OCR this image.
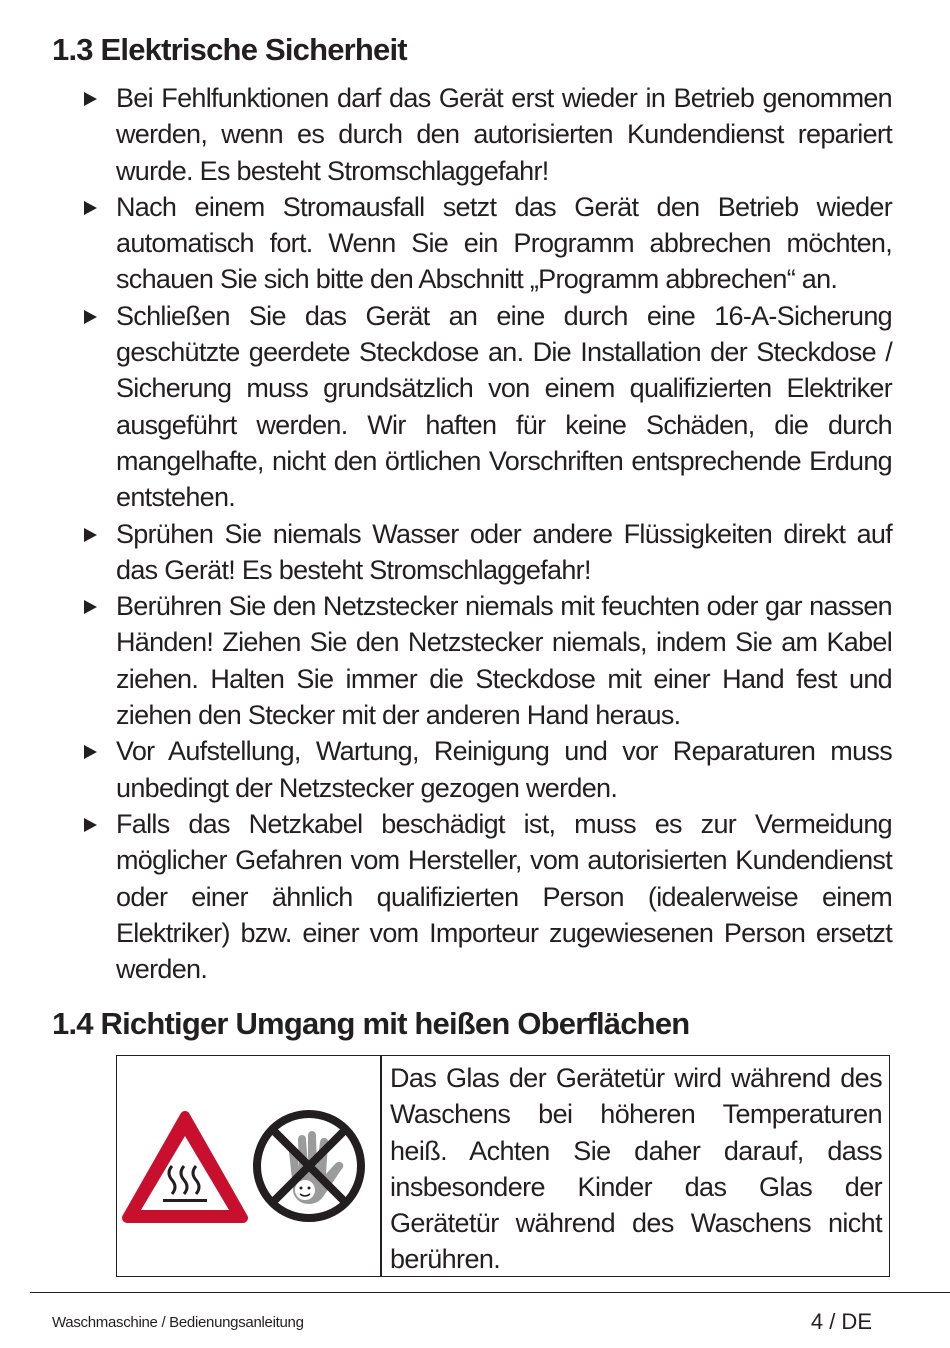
1.3 Elektrische Sicherheit
Bei Fehlfunktionen darf das Gerät erst wieder in Betrieb genommen werden, wenn es durch den autorisierten Kundendienst repariert wurde. Es besteht Stromschlaggefahr!
Nach einem Stromausfall setzt das Gerät den Betrieb wieder automatisch fort. Wenn Sie ein Programm abbrechen möchten, schauen Sie sich bitte den Abschnitt „Programm abbrechen“ an.
Schließen Sie das Gerät an eine durch eine 16-A-Sicherung geschützte geerdete Steckdose an. Die Installation der Steckdose / Sicherung muss grundsätzlich von einem qualifizierten Elektriker ausgeführt werden. Wir haften für keine Schäden, die durch mangelhafte, nicht den örtlichen Vorschriften entsprechende Erdung entstehen.
Sprühen Sie niemals Wasser oder andere Flüssigkeiten direkt auf das Gerät! Es besteht Stromschlaggefahr!
Berühren Sie den Netzstecker niemals mit feuchten oder gar nassen Händen! Ziehen Sie den Netzstecker niemals, indem Sie am Kabel ziehen. Halten Sie immer die Steckdose mit einer Hand fest und ziehen den Stecker mit der anderen Hand heraus.
Vor Aufstellung, Wartung, Reinigung und vor Reparaturen muss unbedingt der Netzstecker gezogen werden.
Falls das Netzkabel beschädigt ist, muss es zur Vermeidung möglicher Gefahren vom Hersteller, vom autorisierten Kundendienst oder einer ähnlich qualifizierten Person (idealerweise einem Elektriker) bzw. einer vom Importeur zugewiesenen Person ersetzt werden.
1.4 Richtiger Umgang mit heißen Oberflächen

Das Glas der Gerätetür wird während des Waschens bei höheren Temperaturen heiß. Achten Sie daher darauf, dass insbesondere Kinder das Glas der Gerätetür während des Waschens nicht berühren.

Waschmaschine / Bedienungsanleitung	4 / DE
